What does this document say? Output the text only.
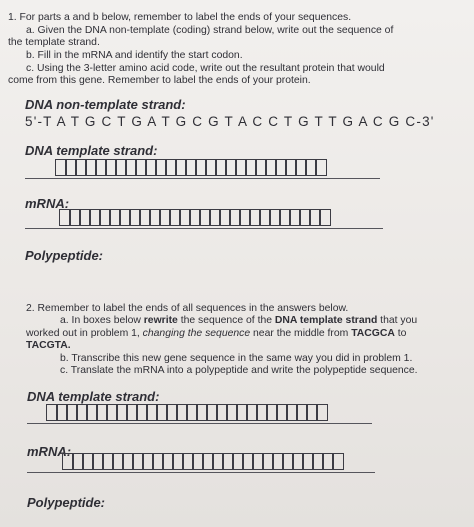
1. For parts a and b below, remember to label the ends of your sequences.
a. Given the DNA non-template (coding) strand below, write out the sequence of
the template strand.
b. Fill in the mRNA and identify the start codon.
c. Using the 3-letter amino acid code, write out the resultant protein that would
come from this gene. Remember to label the ends of your protein.
DNA non-template strand:
5'-T A T G C T G A T G C G T A C C T G T T G A C G C-3'
DNA template strand:
mRNA:
Polypeptide:
2. Remember to label the ends of all sequences in the answers below.
a. In boxes below rewrite the sequence of the DNA template strand that you
worked out in problem 1, changing the sequence near the middle from TACGCA to
TACGTA.
b. Transcribe this new gene sequence in the same way you did in problem 1.
c. Translate the mRNA into a polypeptide and write the polypeptide sequence.
DNA template strand:
mRNA:
Polypeptide:
